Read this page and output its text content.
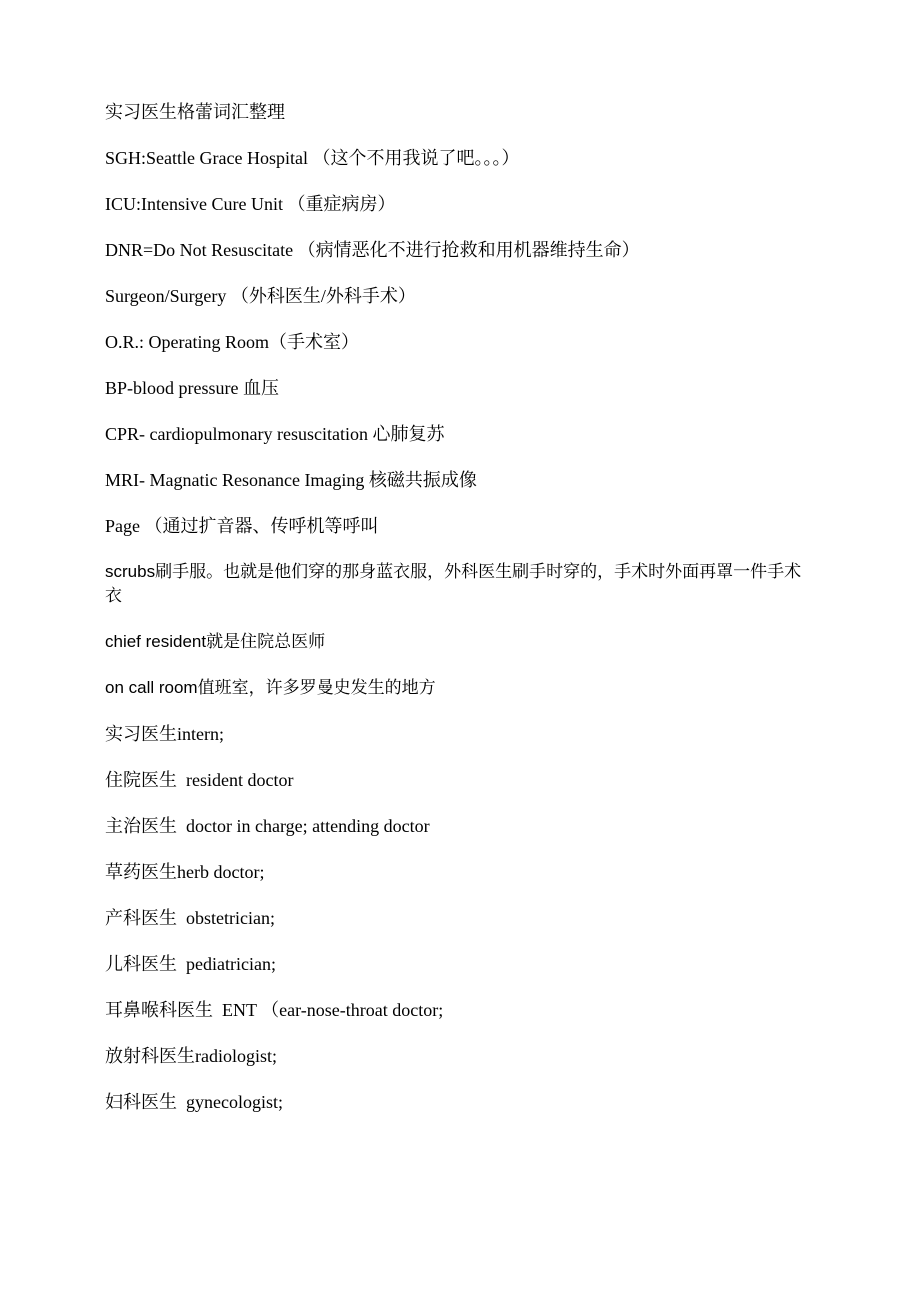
实习医生格蕾词汇整理

SGH:Seattle Grace Hospital （这个不用我说了吧。。。）

ICU:Intensive Cure Unit （重症病房）

DNR=Do Not Resuscitate （病情恶化不进行抢救和用机器维持生命）

Surgeon/Surgery （外科医生/外科手术）

O.R.: Operating Room（手术室）

BP-blood pressure 血压

CPR- cardiopulmonary resuscitation 心肺复苏

MRI- Magnatic Resonance Imaging 核磁共振成像

Page （通过扩音器、传呼机等呼叫

scrubs刷手服。也就是他们穿的那身蓝衣服，外科医生刷手时穿的，手术时外面再罩一件手术衣

chief resident就是住院总医师

on call room值班室，许多罗曼史发生的地方

实习医生intern;

住院医生  resident doctor

主治医生  doctor in charge; attending doctor

草药医生herb doctor;

产科医生  obstetrician;

儿科医生  pediatrician;

耳鼻喉科医生  ENT （ear-nose-throat doctor;

放射科医生radiologist;

妇科医生  gynecologist;
